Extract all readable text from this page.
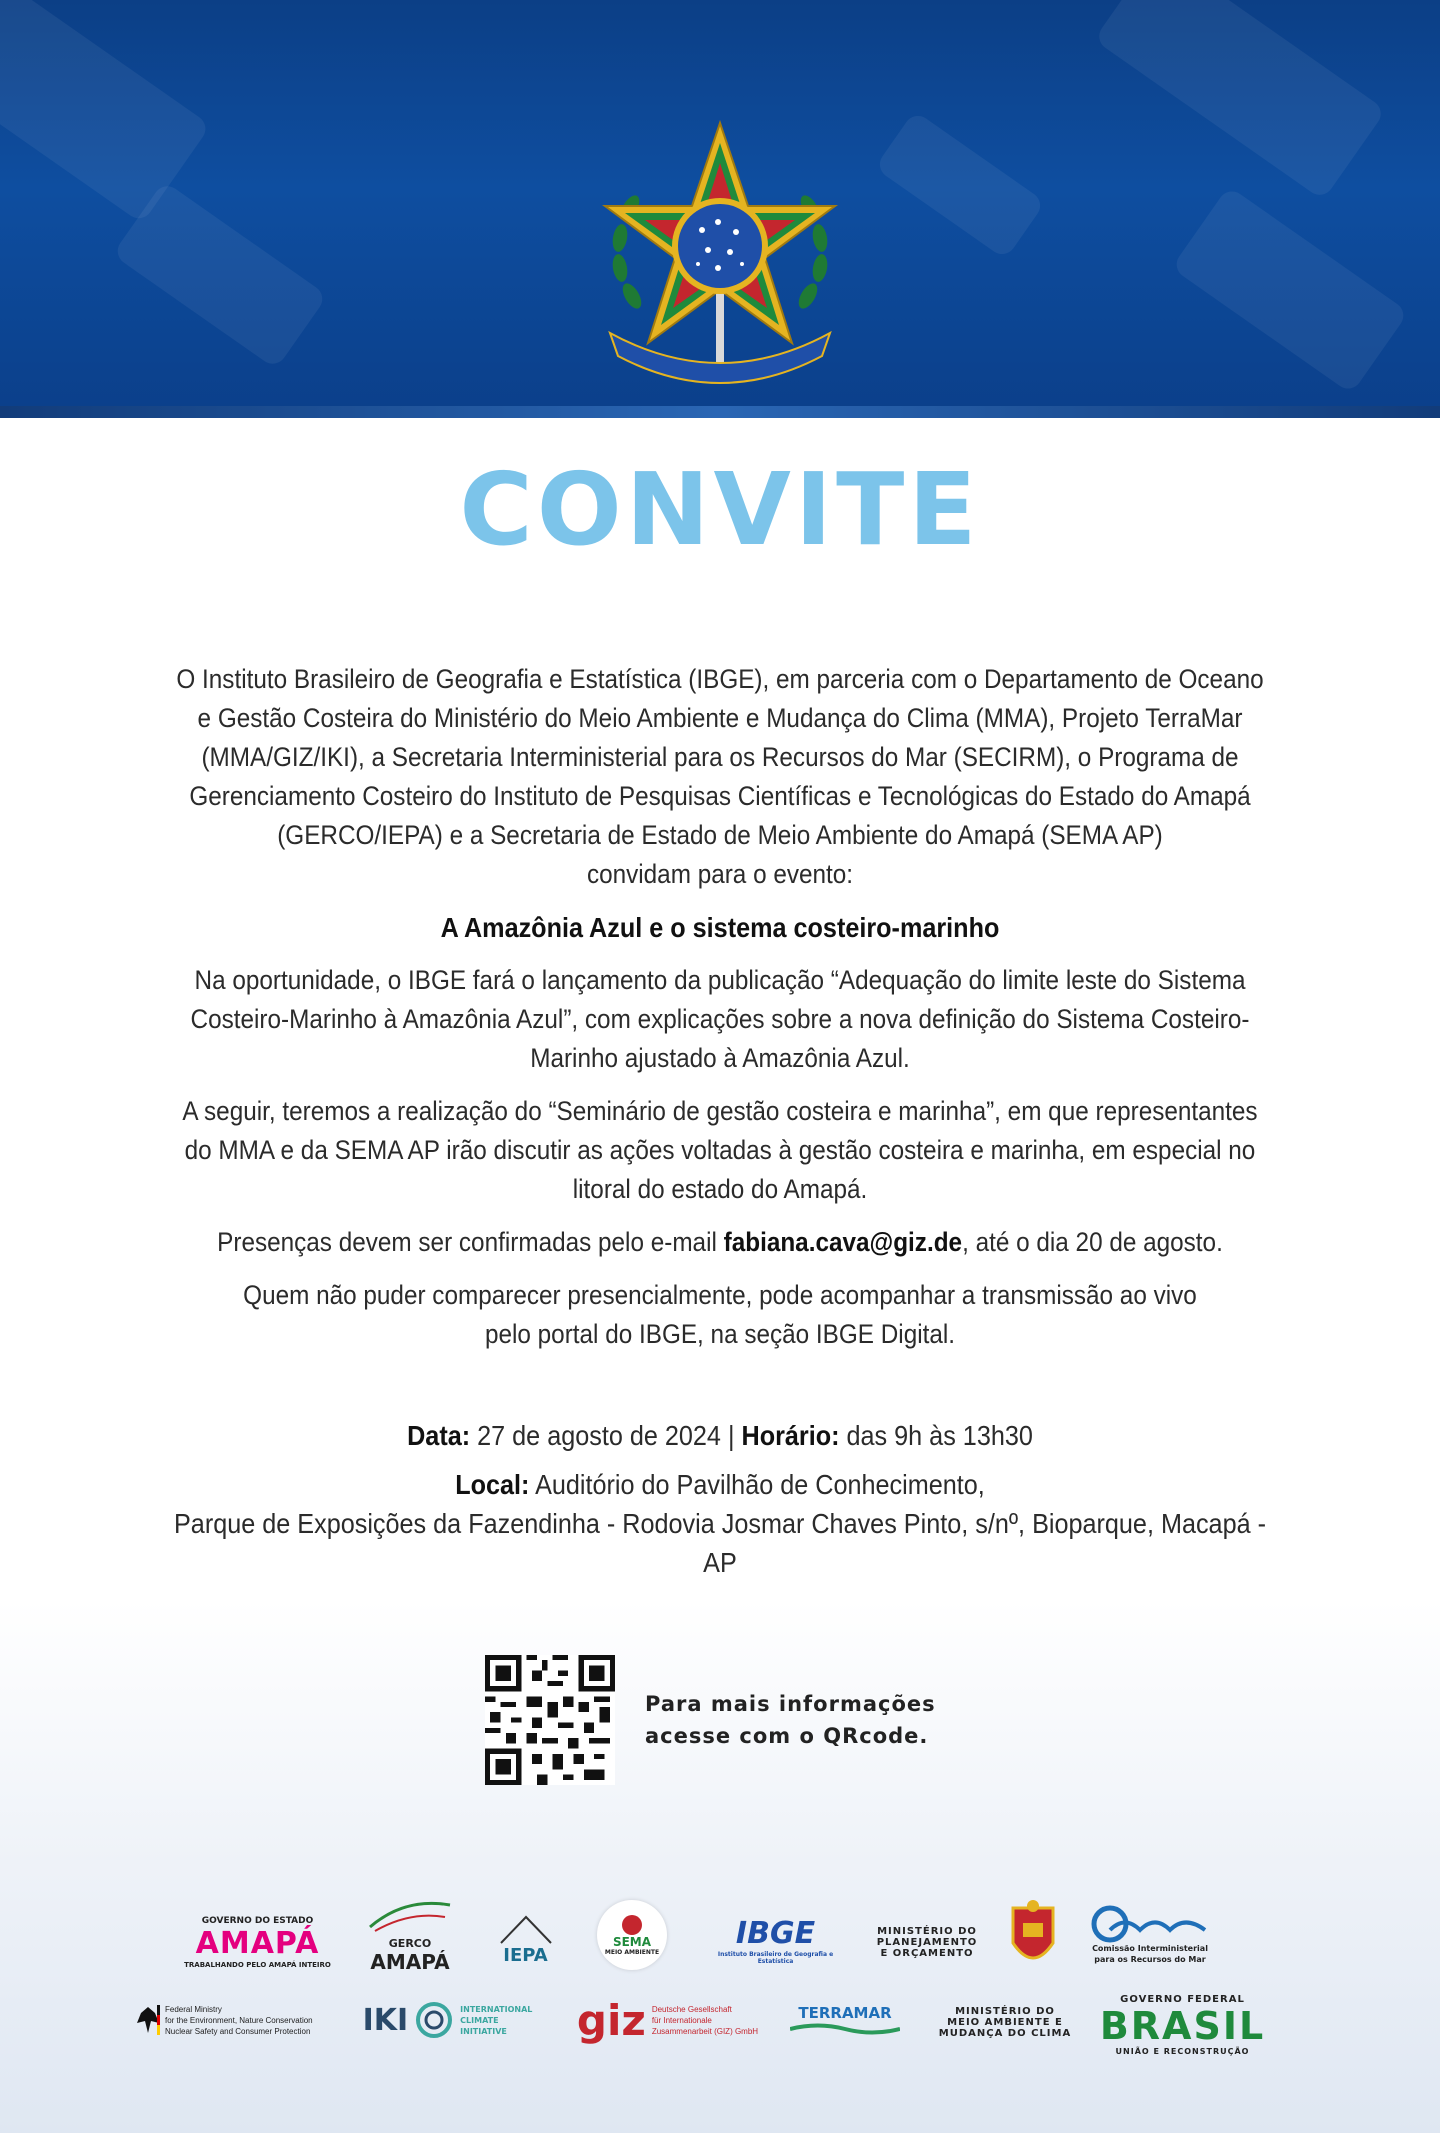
CONVITE

O Instituto Brasileiro de Geografia e Estatística (IBGE), em parceria com o Departamento de Oceano
e Gestão Costeira do Ministério do Meio Ambiente e Mudança do Clima (MMA), Projeto TerraMar
(MMA/GIZ/IKI), a Secretaria Interministerial para os Recursos do Mar (SECIRM), o Programa de
Gerenciamento Costeiro do Instituto de Pesquisas Científicas e Tecnológicas do Estado do Amapá
(GERCO/IEPA) e a Secretaria de Estado de Meio Ambiente do Amapá (SEMA AP)
convidam para o evento:

A Amazônia Azul e o sistema costeiro-marinho

Na oportunidade, o IBGE fará o lançamento da publicação “Adequação do limite leste do Sistema
Costeiro-Marinho à Amazônia Azul”, com explicações sobre a nova definição do Sistema Costeiro-
Marinho ajustado à Amazônia Azul.

A seguir, teremos a realização do “Seminário de gestão costeira e marinha”, em que representantes
do MMA e da SEMA AP irão discutir as ações voltadas à gestão costeira e marinha, em especial no
litoral do estado do Amapá.

Presenças devem ser confirmadas pelo e-mail fabiana.cava@giz.de, até o dia 20 de agosto.

Quem não puder comparecer presencialmente, pode acompanhar a transmissão ao vivo
pelo portal do IBGE, na seção IBGE Digital.

Data: 27 de agosto de 2024 | Horário: das 9h às 13h30

Local: Auditório do Pavilhão de Conhecimento,
Parque de Exposições da Fazendinha - Rodovia Josmar Chaves Pinto, s/nº, Bioparque, Macapá - AP

Para mais informações
acesse com o QRcode.
GOVERNO DO ESTADO
AMAPÁ
TRABALHANDO PELO AMAPÁ INTEIRO
GERCO
AMAPÁ	IEPA
SEMA
MEIO AMBIENTE
IBGE
Instituto Brasileiro de Geografia e Estatística
MINISTÉRIO DO
PLANEJAMENTO
E ORÇAMENTO	Comissão Interministerial
para os Recursos do Mar
Federal Ministry
for the Environment, Nature Conservation
Nuclear Safety and Consumer Protection IKI	INTERNATIONAL
CLIMATE
INITIATIVE	giz Deutsche Gesellschaft
für Internationale
Zusammenarbeit (GIZ) GmbH
TERRAMAR	MINISTÉRIO DO
MEIO AMBIENTE E
MUDANÇA DO CLIMA
GOVERNO FEDERAL
BRASIL
UNIÃO E RECONSTRUÇÃO
